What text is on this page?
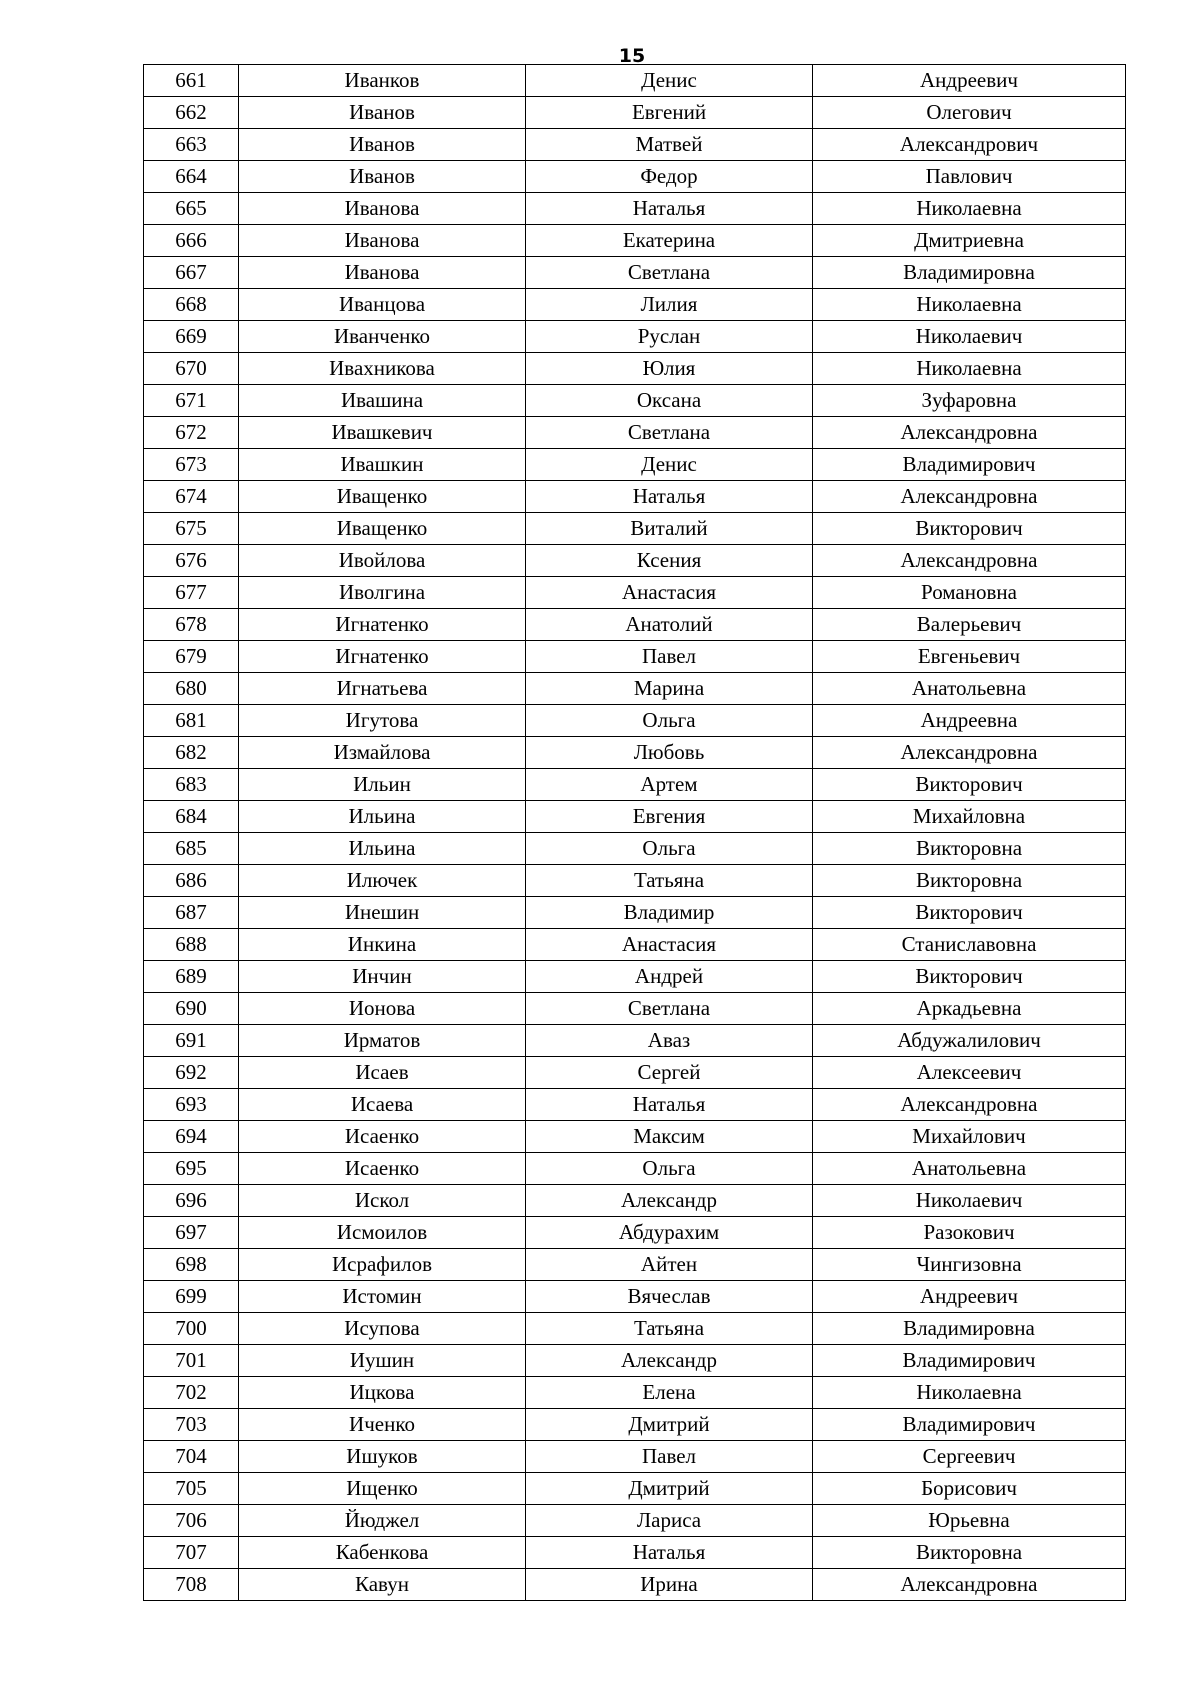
15
661	Иванков	Денис	Андреевич
662	Иванов	Евгений	Олегович
663	Иванов	Матвей	Александрович
664	Иванов	Федор	Павлович
665	Иванова	Наталья	Николаевна
666	Иванова	Екатерина	Дмитриевна
667	Иванова	Светлана	Владимировна
668	Иванцова	Лилия	Николаевна
669	Иванченко	Руслан	Николаевич
670	Ивахникова	Юлия	Николаевна
671	Ивашина	Оксана	Зуфаровна
672	Ивашкевич	Светлана	Александровна
673	Ивашкин	Денис	Владимирович
674	Иващенко	Наталья	Александровна
675	Иващенко	Виталий	Викторович
676	Ивойлова	Ксения	Александровна
677	Иволгина	Анастасия	Романовна
678	Игнатенко	Анатолий	Валерьевич
679	Игнатенко	Павел	Евгеньевич
680	Игнатьева	Марина	Анатольевна
681	Игутова	Ольга	Андреевна
682	Измайлова	Любовь	Александровна
683	Ильин	Артем	Викторович
684	Ильина	Евгения	Михайловна
685	Ильина	Ольга	Викторовна
686	Илючек	Татьяна	Викторовна
687	Инешин	Владимир	Викторович
688	Инкина	Анастасия	Станиславовна
689	Инчин	Андрей	Викторович
690	Ионова	Светлана	Аркадьевна
691	Ирматов	Аваз	Абдужалилович
692	Исаев	Сергей	Алексеевич
693	Исаева	Наталья	Александровна
694	Исаенко	Максим	Михайлович
695	Исаенко	Ольга	Анатольевна
696	Искол	Александр	Николаевич
697	Исмоилов	Абдурахим	Разокович
698	Исрафилов	Айтен	Чингизовна
699	Истомин	Вячеслав	Андреевич
700	Исупова	Татьяна	Владимировна
701	Иушин	Александр	Владимирович
702	Ицкова	Елена	Николаевна
703	Иченко	Дмитрий	Владимирович
704	Ишуков	Павел	Сергеевич
705	Ищенко	Дмитрий	Борисович
706	Йюджел	Лариса	Юрьевна
707	Кабенкова	Наталья	Викторовна
708	Кавун	Ирина	Александровна
